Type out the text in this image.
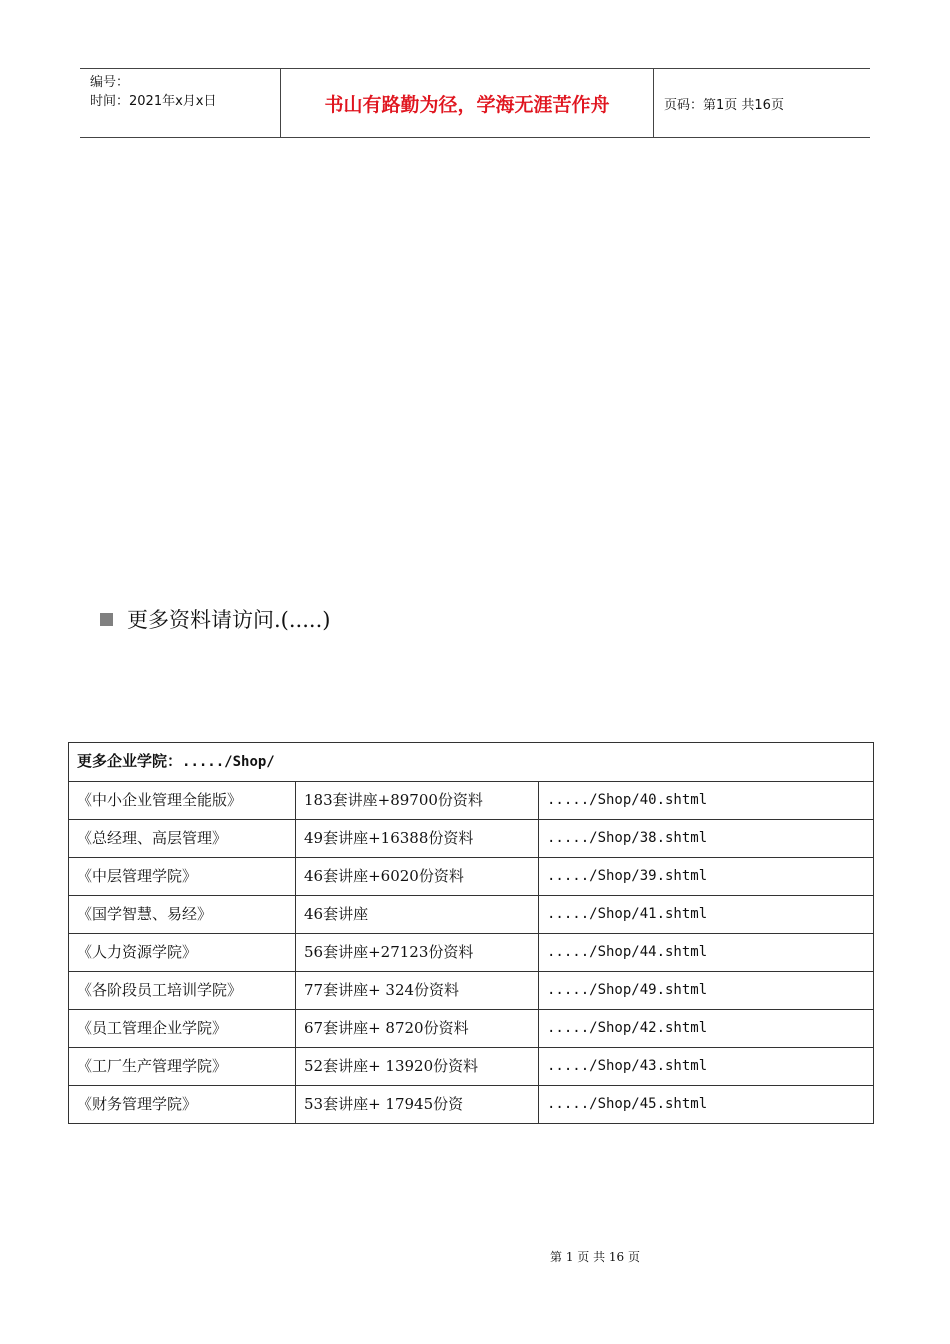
编号：
时间：2021年x月x日	书山有路勤为径，学海无涯苦作舟	页码：第1页 共16页
更多资料请访问.(.....)
更多企业学院：...../Shop/		
《中小企业管理全能版》	183套讲座+89700份资料	...../Shop/40.shtml
《总经理、高层管理》	49套讲座+16388份资料	...../Shop/38.shtml
《中层管理学院》	46套讲座+6020份资料	...../Shop/39.shtml
《国学智慧、易经》	46套讲座	...../Shop/41.shtml
《人力资源学院》	56套讲座+27123份资料	...../Shop/44.shtml
《各阶段员工培训学院》	77套讲座+ 324份资料	...../Shop/49.shtml
《员工管理企业学院》	67套讲座+ 8720份资料	...../Shop/42.shtml
《工厂生产管理学院》	52套讲座+ 13920份资料	...../Shop/43.shtml
《财务管理学院》	53套讲座+ 17945份资	...../Shop/45.shtml
第 1 页 共 16 页
